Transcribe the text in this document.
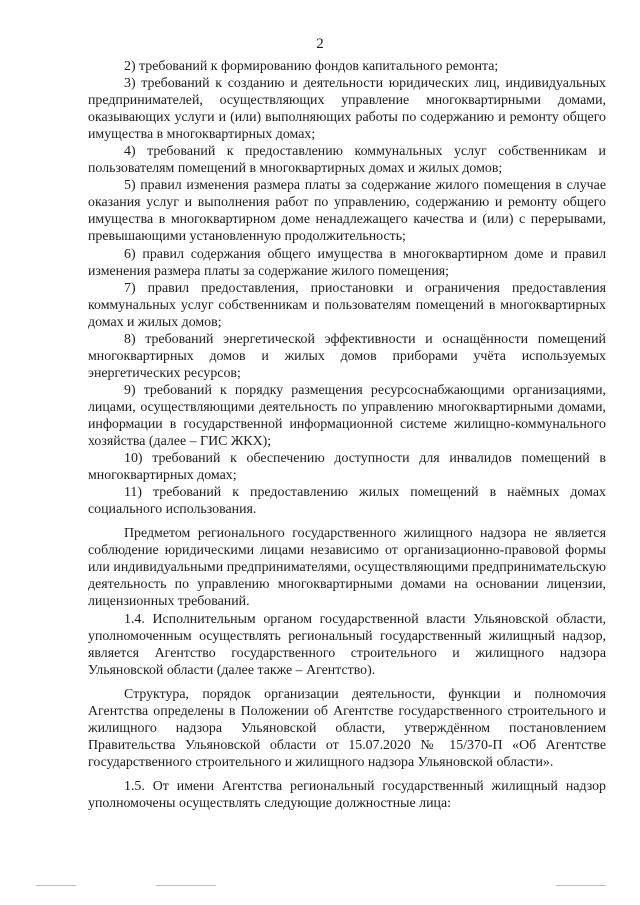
2

2) требований к формированию фондов капитального ремонта;

3) требований к созданию и деятельности юридических лиц, индивидуальных предпринимателей, осуществляющих управление многоквартирными домами, оказывающих услуги и (или) выполняющих работы по содержанию и ремонту общего имущества в многоквартирных домах;

4) требований к предоставлению коммунальных услуг собственникам и пользователям помещений в многоквартирных домах и жилых домов;

5) правил изменения размера платы за содержание жилого помещения в случае оказания услуг и выполнения работ по управлению, содержанию и ремонту общего имущества в многоквартирном доме ненадлежащего качества и (или) с перерывами, превышающими установленную продолжительность;

6) правил содержания общего имущества в многоквартирном доме и правил изменения размера платы за содержание жилого помещения;

7) правил предоставления, приостановки и ограничения предоставления коммунальных услуг собственникам и пользователям помещений в многоквартирных домах и жилых домов;

8) требований энергетической эффективности и оснащённости помещений многоквартирных домов и жилых домов приборами учёта используемых энергетических ресурсов;

9) требований к порядку размещения ресурсоснабжающими организациями, лицами, осуществляющими деятельность по управлению многоквартирными домами, информации в государственной информационной системе жилищно-коммунального хозяйства (далее – ГИС ЖКХ);

10) требований к обеспечению доступности для инвалидов помещений в многоквартирных домах;

11) требований к предоставлению жилых помещений в наёмных домах социального использования.

Предметом регионального государственного жилищного надзора не является соблюдение юридическими лицами независимо от организационно-правовой формы или индивидуальными предпринимателями, осуществляющими предпринимательскую деятельность по управлению многоквартирными домами на основании лицензии, лицензионных требований.

1.4. Исполнительным органом государственной власти Ульяновской области, уполномоченным осуществлять региональный государственный жилищный надзор, является Агентство государственного строительного и жилищного надзора Ульяновской области (далее также – Агентство).

Структура, порядок организации деятельности, функции и полномочия Агентства определены в Положении об Агентстве государственного строительного и жилищного надзора Ульяновской области, утверждённом постановлением Правительства Ульяновской области от 15.07.2020 № 15/370-П «Об Агентстве государственного строительного и жилищного надзора Ульяновской области».

1.5. От имени Агентства региональный государственный жилищный надзор уполномочены осуществлять следующие должностные лица:
